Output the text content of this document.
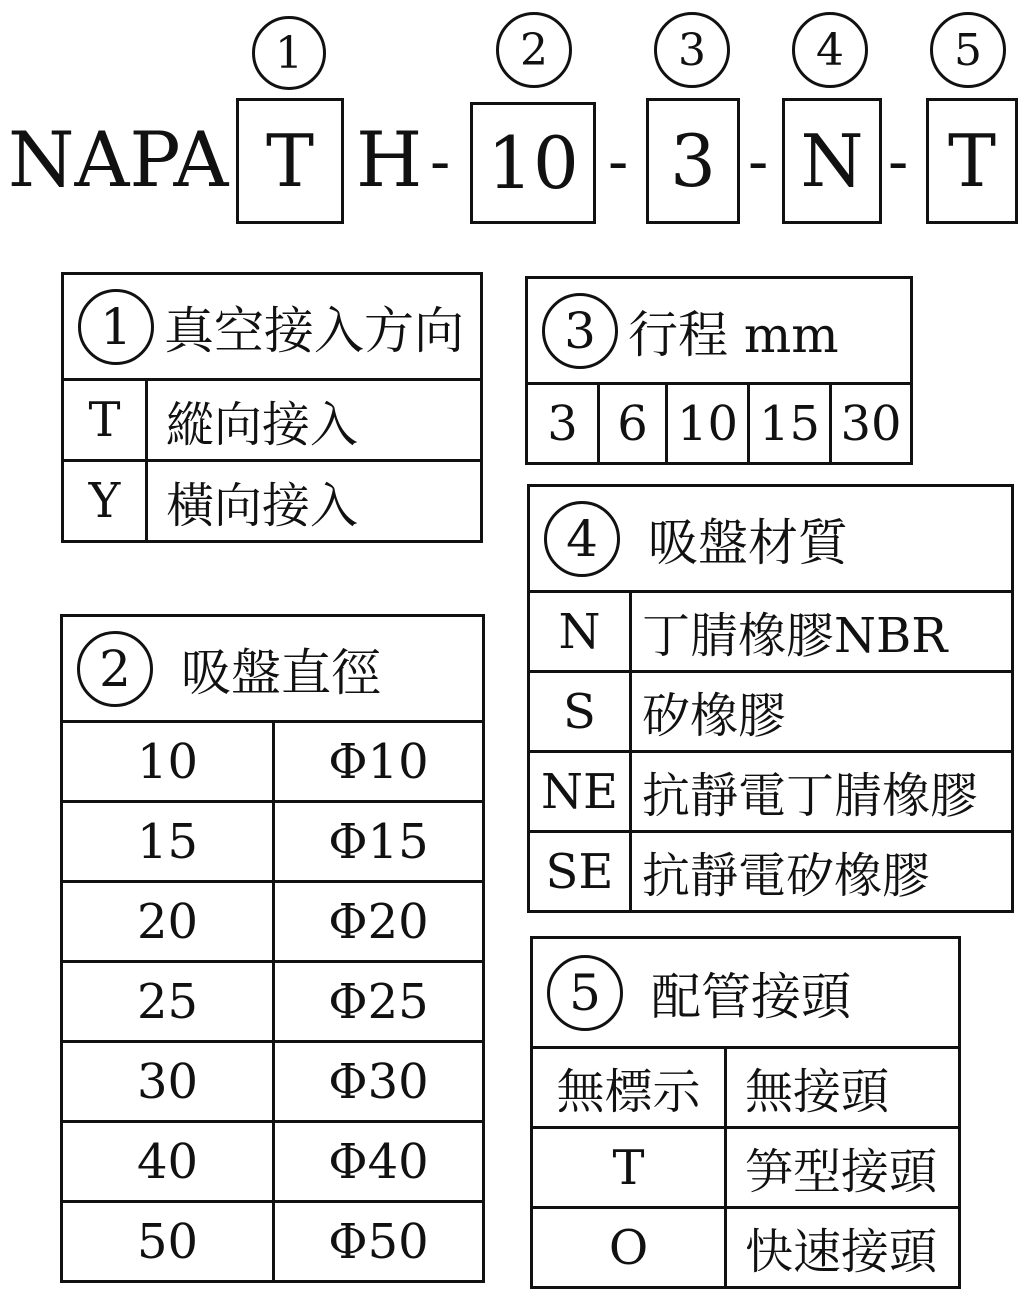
1	2	3	4	5
NAPA T H - 10 - 3 - N - T
1 真空接入方向	

T	縱向接入
Y	橫向接入
2 吸盤直徑	

10	Φ10
15	Φ15
20	Φ20
25	Φ25
30	Φ30
40	Φ40
50	Φ50
3 行程 mm

3	6	10	15	30
4 吸盤材質	

N	丁腈橡膠NBR
S	矽橡膠
NE	抗靜電丁腈橡膠
SE	抗靜電矽橡膠
5 配管接頭	

無標示	無接頭
T	笋型接頭
O	快速接頭
